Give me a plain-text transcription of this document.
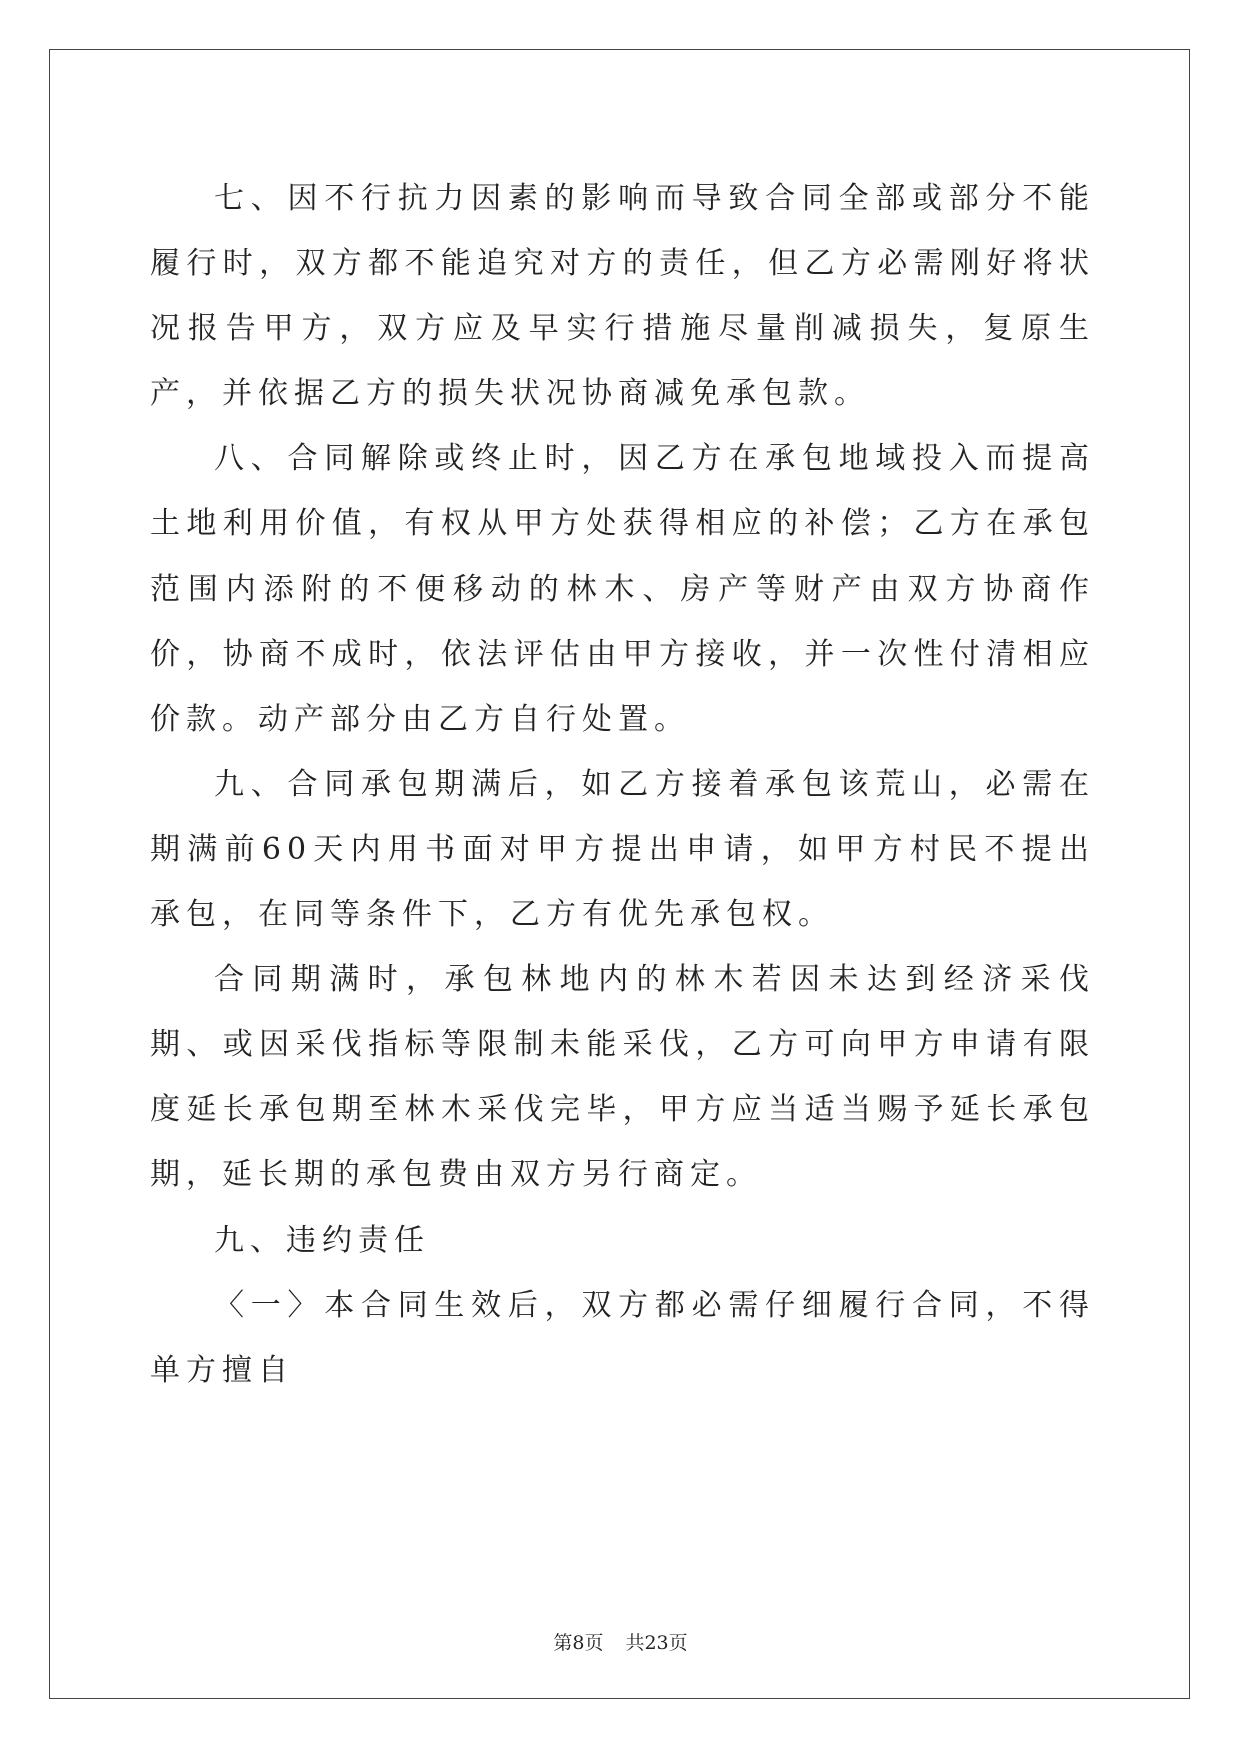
七、因不行抗力因素的影响而导致合同全部或部分不能履行时，双方都不能追究对方的责任，但乙方必需刚好将状况报告甲方，双方应及早实行措施尽量削减损失，复原生产，并依据乙方的损失状况协商减免承包款。

八、合同解除或终止时，因乙方在承包地域投入而提高土地利用价值，有权从甲方处获得相应的补偿；乙方在承包范围内添附的不便移动的林木、房产等财产由双方协商作价，协商不成时，依法评估由甲方接收，并一次性付清相应价款。动产部分由乙方自行处置。

九、合同承包期满后，如乙方接着承包该荒山，必需在期满前60天内用书面对甲方提出申请，如甲方村民不提出承包，在同等条件下，乙方有优先承包权。

合同期满时，承包林地内的林木若因未达到经济采伐期、或因采伐指标等限制未能采伐，乙方可向甲方申请有限度延长承包期至林木采伐完毕，甲方应当适当赐予延长承包期，延长期的承包费由双方另行商定。

九、违约责任

〈一〉本合同生效后，双方都必需仔细履行合同，不得单方擅自

第8页 共23页
